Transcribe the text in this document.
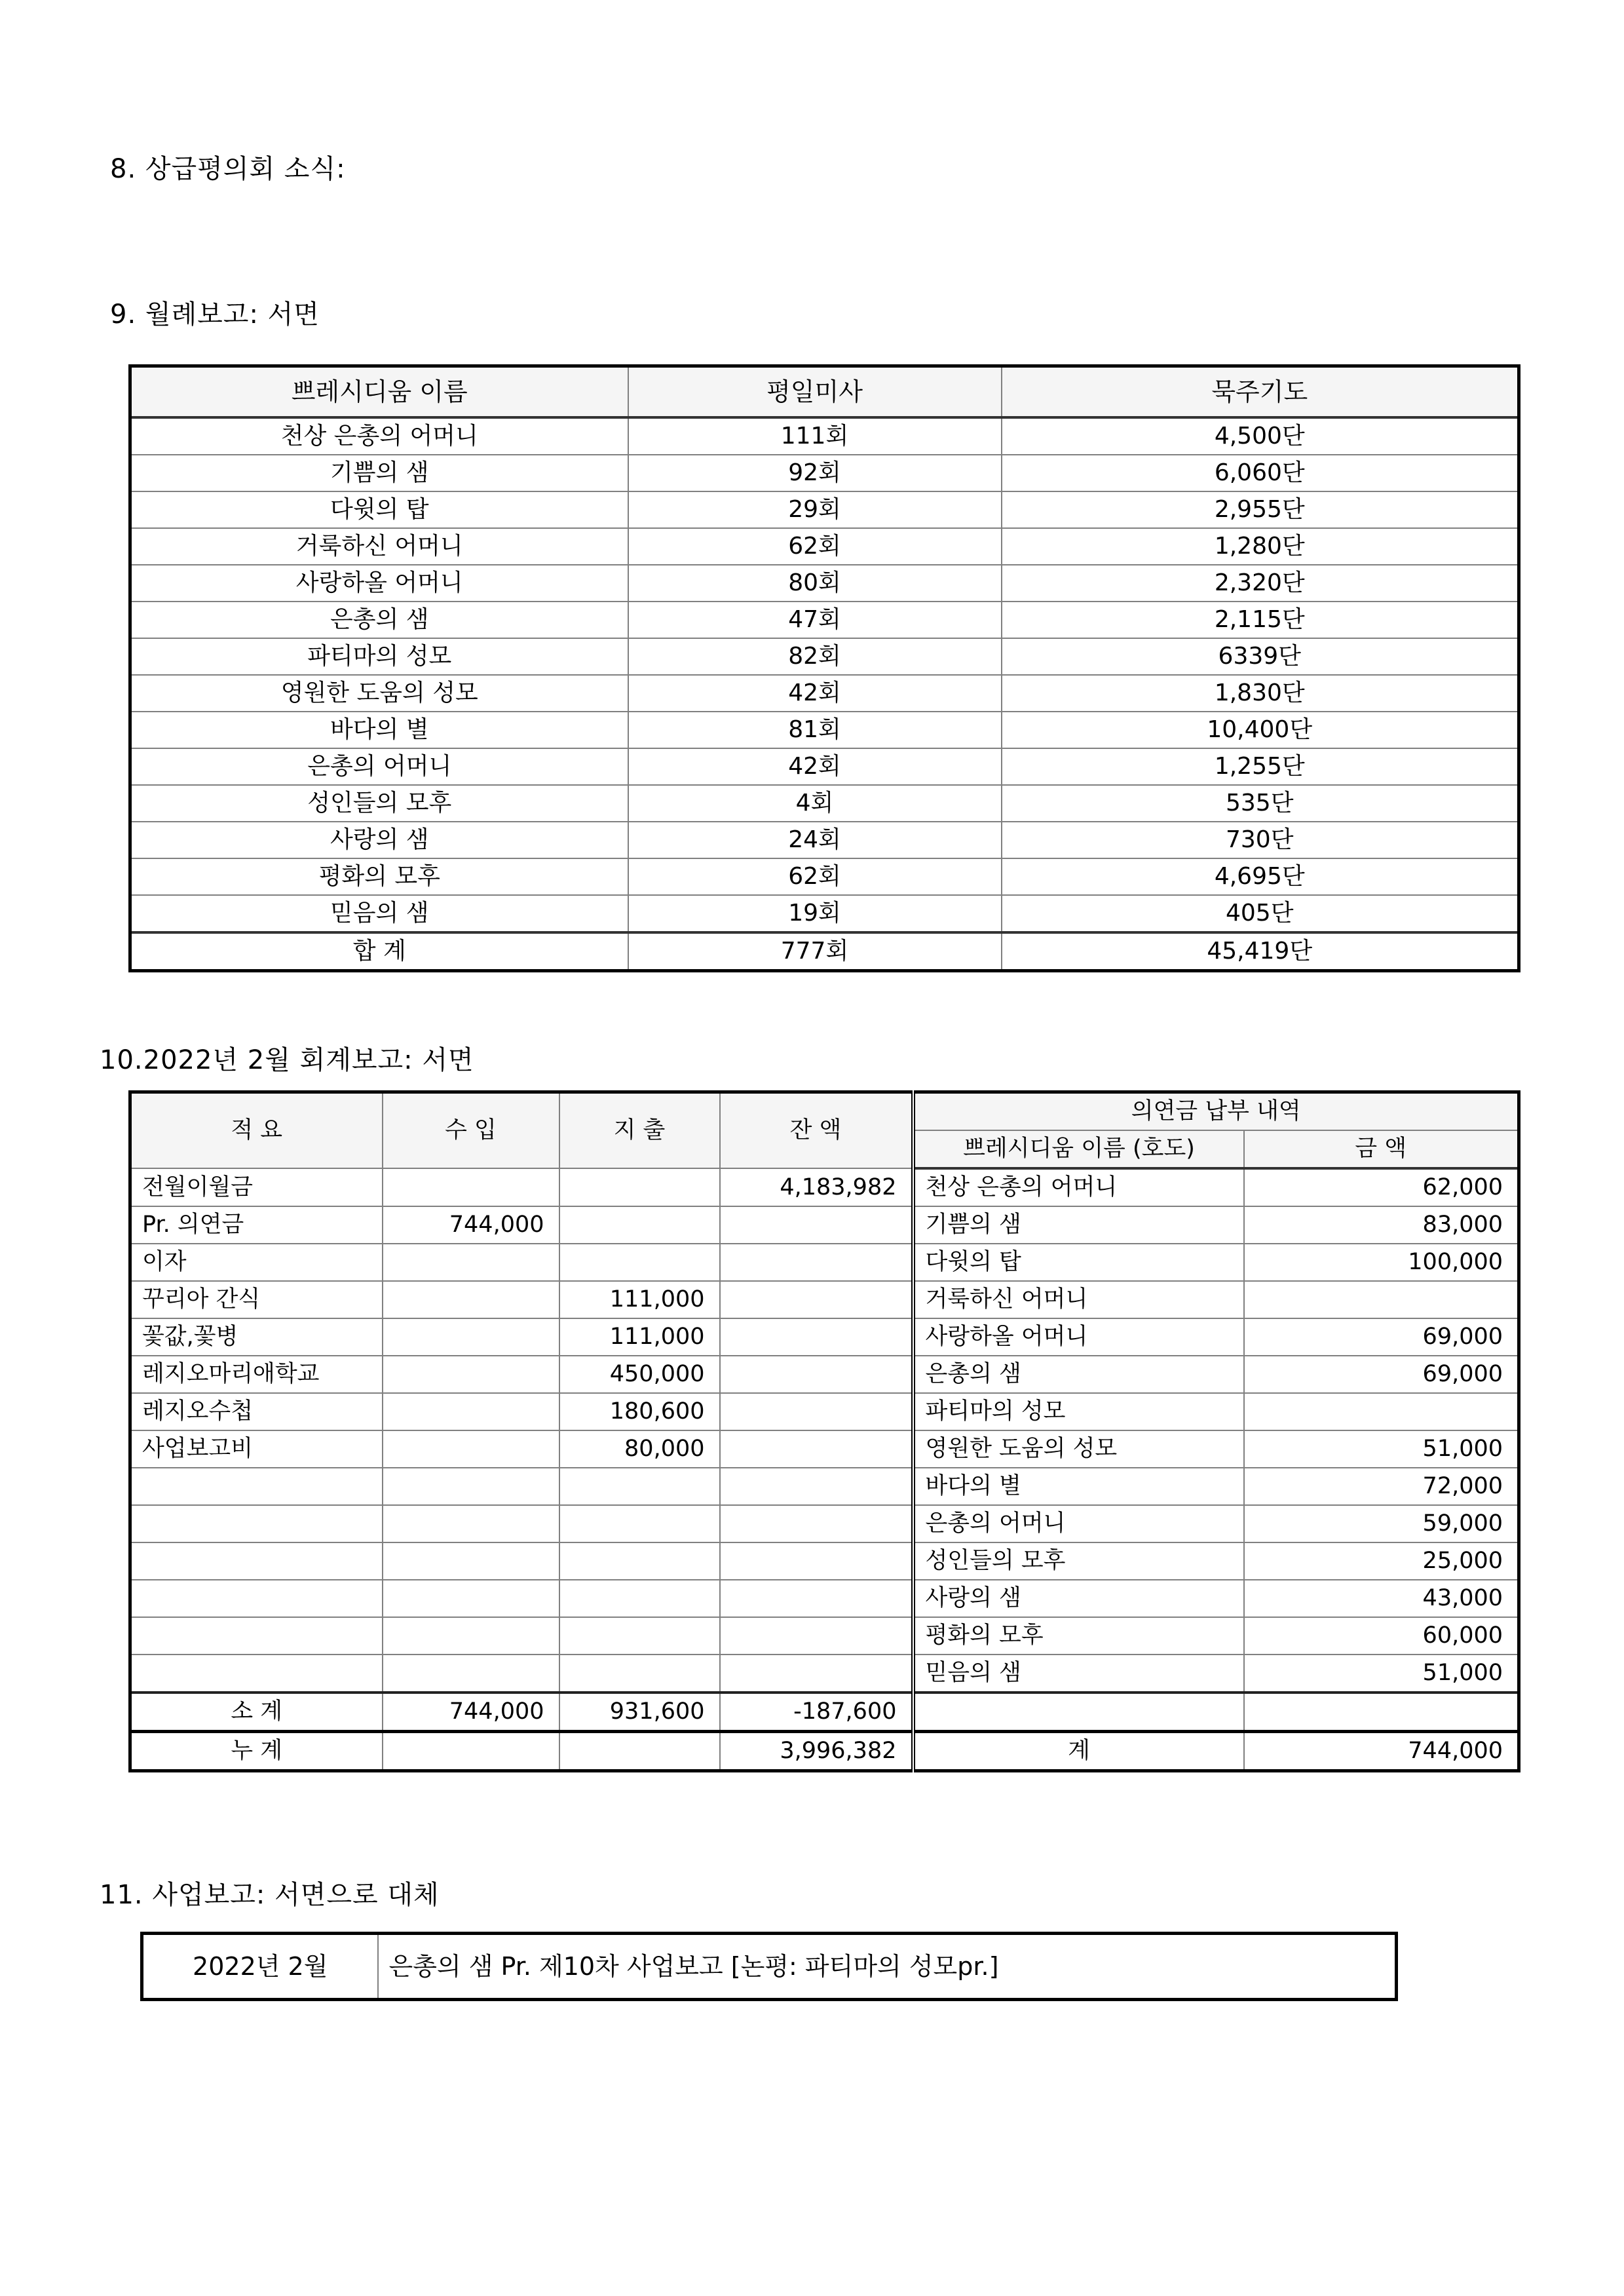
8. 상급평의회 소식:
9. 월례보고: 서면
쁘레시디움 이름	평일미사	묵주기도
천상 은총의 어머니	111회	4,500단
기쁨의 샘	92회	6,060단
다윗의 탑	29회	2,955단
거룩하신 어머니	62회	1,280단
사랑하올 어머니	80회	2,320단
은총의 샘	47회	2,115단
파티마의 성모	82회	6339단
영원한 도움의 성모	42회	1,830단
바다의 별	81회	10,400단
은총의 어머니	42회	1,255단
성인들의 모후	4회	535단
사랑의 샘	24회	730단
평화의 모후	62회	4,695단
믿음의 샘	19회	405단
합 계	777회	45,419단
10.2022년 2월 회계보고: 서면
적 요	수 입	지 출	잔 액	의연금 납부 내역	
				쁘레시디움 이름 (호도)	금 액
전월이월금			4,183,982	천상 은총의 어머니	62,000
Pr. 의연금	744,000			기쁨의 샘	83,000
이자				다윗의 탑	100,000
꾸리아 간식		111,000		거룩하신 어머니	
꽃값,꽃병		111,000		사랑하올 어머니	69,000
레지오마리애학교		450,000		은총의 샘	69,000
레지오수첩		180,600		파티마의 성모	
사업보고비		80,000		영원한 도움의 성모	51,000
				바다의 별	72,000
				은총의 어머니	59,000
				성인들의 모후	25,000
				사랑의 샘	43,000
				평화의 모후	60,000
				믿음의 샘	51,000
소 계	744,000	931,600	-187,600		
누 계			3,996,382	계	744,000
11. 사업보고: 서면으로 대체
2022년 2월	은총의 샘 Pr. 제10차 사업보고 [논평: 파티마의 성모pr.]
